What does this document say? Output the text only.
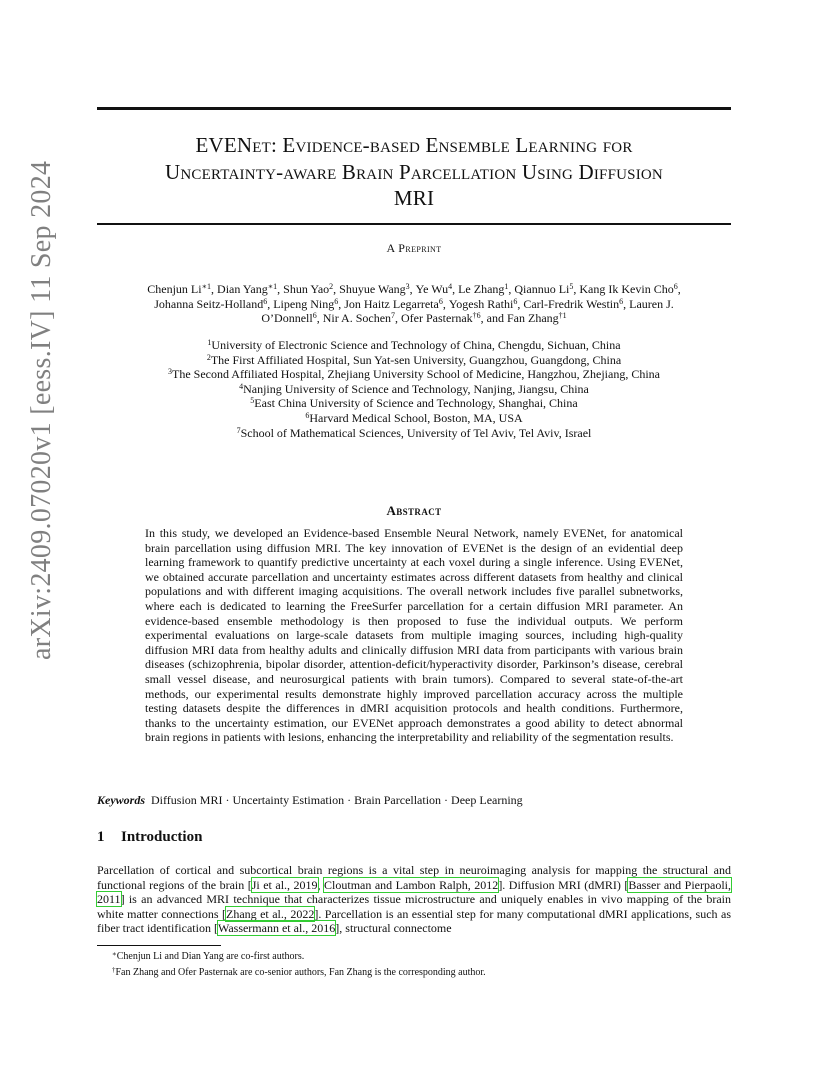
arXiv:2409.07020v1 [eess.IV] 11 Sep 2024
EVENet: Evidence-based Ensemble Learning for
Uncertainty-aware Brain Parcellation Using Diffusion
MRI
A Preprint
Chenjun $Li^{∗1}$, Dian Yang$^{∗1}$, Shun Yao$^2$, Shuyue Wang$^3$, Ye Wu$^4$, Le Zhang$^1$, Qiannuo Li$^5$, Kang Ik Kevin Cho$^6$,
Johanna Seitz-Holland$^6$, Lipeng Ning$^6$, Jon Haitz Legarreta$^6$, Yogesh Rathi$^6$, Carl-Fredrik Westin$^6$, Lauren J.
O’Donnell$^6$, Nir A. Sochen$^7$, Ofer Pasternak$^{\dagger 6}$, and Fan Zhang$^{\dagger 1}$
$^1$University of Electronic Science and Technology of China, Chengdu, Sichuan, China
$^2$The First Affiliated Hospital, Sun Yat-sen University, Guangzhou, Guangdong, China
$^3$The Second Affiliated Hospital, Zhejiang University School of Medicine, Hangzhou, Zhejiang, China
$^4$Nanjing University of Science and Technology, Nanjing, Jiangsu, China
$^5$East China University of Science and Technology, Shanghai, China
$^6$Harvard Medical School, Boston, MA, USA
$^7$School of Mathematical Sciences, University of Tel Aviv, Tel Aviv, Israel
Abstract
In this study, we developed an Evidence-based Ensemble Neural Network, namely EVENet, for anatomical brain parcellation using diffusion MRI. The key innovation of EVENet is the design of an evidential deep learning framework to quantify predictive uncertainty at each voxel during a single inference. Using EVENet, we obtained accurate parcellation and uncertainty estimates across different datasets from healthy and clinical populations and with different imaging acquisitions. The overall network includes five parallel subnetworks, where each is dedicated to learning the FreeSurfer parcellation for a certain diffusion MRI parameter. An evidence-based ensemble methodology is then proposed to fuse the individual outputs. We perform experimental evaluations on large-scale datasets from multiple imaging sources, including high-quality diffusion MRI data from healthy adults and clinically diffusion MRI data from participants with various brain diseases (schizophrenia, bipolar disorder, attention-deficit/hyperactivity disorder, Parkinson’s disease, cerebral small vessel disease, and neurosurgical patients with brain tumors). Compared to several state-of-the-art methods, our experimental results demonstrate highly improved parcellation accuracy across the multiple testing datasets despite the differences in dMRI acquisition protocols and health conditions. Furthermore, thanks to the uncertainty estimation, our EVENet approach demonstrates a good ability to detect abnormal brain regions in patients with lesions, enhancing the interpretability and reliability of the segmentation results.
Keywords Diffusion MRI · Uncertainty Estimation · Brain Parcellation · Deep Learning
1 Introduction
Parcellation of cortical and subcortical brain regions is a vital step in neuroimaging analysis for mapping the structural and functional regions of the brain [Ji et al., 2019, Cloutman and Lambon Ralph, 2012]. Diffusion MRI (dMRI) [Basser and Pierpaoli, 2011] is an advanced MRI technique that characterizes tissue microstructure and uniquely enables in vivo mapping of the brain white matter connections [Zhang et al., 2022]. Parcellation is an essential step for many computational dMRI applications, such as fiber tract identification [Wassermann et al., 2016], structural connectome
∗Chenjun Li and Dian Yang are co-first authors.
†Fan Zhang and Ofer Pasternak are co-senior authors, Fan Zhang is the corresponding author.
